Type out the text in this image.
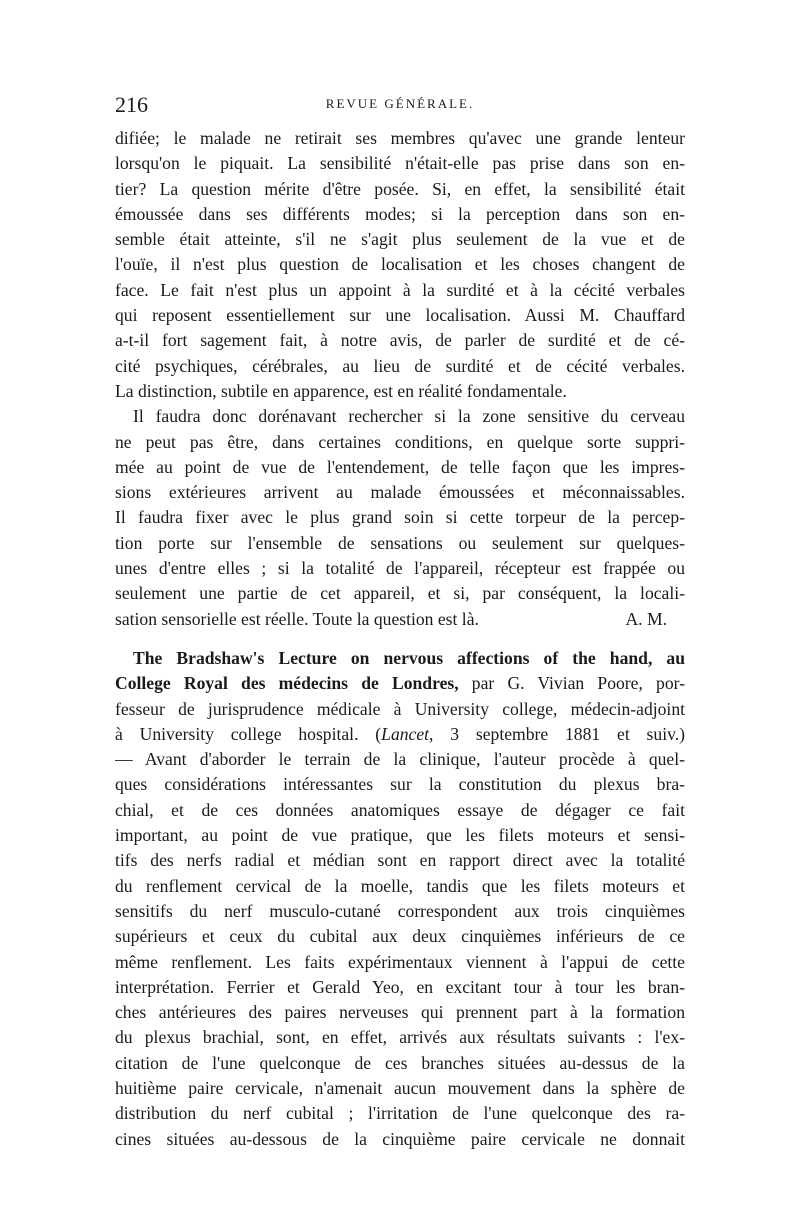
216	REVUE GÉNÉRALE.
difiée; le malade ne retirait ses membres qu'avec une grande lenteur
lorsqu'on le piquait. La sensibilité n'était-elle pas prise dans son en-
tier? La question mérite d'être posée. Si, en effet, la sensibilité était
émoussée dans ses différents modes; si la perception dans son en-
semble était atteinte, s'il ne s'agit plus seulement de la vue et de
l'ouïe, il n'est plus question de localisation et les choses changent de
face. Le fait n'est plus un appoint à la surdité et à la cécité verbales
qui reposent essentiellement sur une localisation. Aussi M. Chauffard
a-t-il fort sagement fait, à notre avis, de parler de surdité et de cé-
cité psychiques, cérébrales, au lieu de surdité et de cécité verbales.
La distinction, subtile en apparence, est en réalité fondamentale.
Il faudra donc dorénavant rechercher si la zone sensitive du cerveau
ne peut pas être, dans certaines conditions, en quelque sorte suppri-
mée au point de vue de l'entendement, de telle façon que les impres-
sions extérieures arrivent au malade émoussées et méconnaissables.
Il faudra fixer avec le plus grand soin si cette torpeur de la percep-
tion porte sur l'ensemble de sensations ou seulement sur quelques-
unes d'entre elles ; si la totalité de l'appareil, récepteur est frappée ou
seulement une partie de cet appareil, et si, par conséquent, la locali-
sation sensorielle est réelle. Toute la question est là.	A. M.
The Bradshaw's Lecture on nervous affections of the hand, au
College Royal des médecins de Londres, par G. Vivian Poore, por-
fesseur de jurisprudence médicale à University college, médecin-adjoint
à University college hospital. (Lancet, 3 septembre 1881 et suiv.)
— Avant d'aborder le terrain de la clinique, l'auteur procède à quel-
ques considérations intéressantes sur la constitution du plexus bra-
chial, et de ces données anatomiques essaye de dégager ce fait
important, au point de vue pratique, que les filets moteurs et sensi-
tifs des nerfs radial et médian sont en rapport direct avec la totalité
du renflement cervical de la moelle, tandis que les filets moteurs et
sensitifs du nerf musculo-cutané correspondent aux trois cinquièmes
supérieurs et ceux du cubital aux deux cinquièmes inférieurs de ce
même renflement. Les faits expérimentaux viennent à l'appui de cette
interprétation. Ferrier et Gerald Yeo, en excitant tour à tour les bran-
ches antérieures des paires nerveuses qui prennent part à la formation
du plexus brachial, sont, en effet, arrivés aux résultats suivants : l'ex-
citation de l'une quelconque de ces branches situées au-dessus de la
huitième paire cervicale, n'amenait aucun mouvement dans la sphère de
distribution du nerf cubital ; l'irritation de l'une quelconque des ra-
cines situées au-dessous de la cinquième paire cervicale ne donnait
